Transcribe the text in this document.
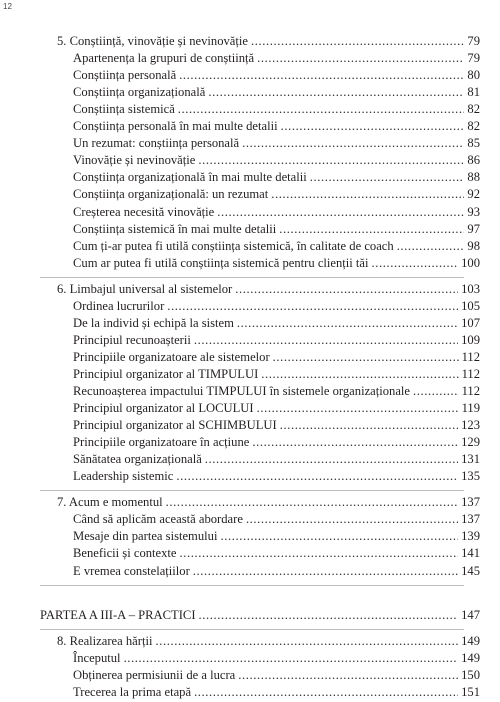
12
5. Conștiință, vinovăție și nevinovăție .....	79
Apartenența la grupuri de conștiință .....	79
Conștiința personală .....	80
Conștiința organizațională .....	81
Conștiința sistemică .....	82
Conștiința personală în mai multe detalii .....	82
Un rezumat: conștiința personală .....	85
Vinovăție și nevinovăție .....	86
Conștiința organizațională în mai multe detalii .....	88
Conștiința organizațională: un rezumat .....	92
Creșterea necesită vinovăție .....	93
Conștiința sistemică în mai multe detalii .....	97
Cum ți-ar putea fi utilă conștiința sistemică, în calitate de coach .....	98
Cum ar putea fi utilă conștiința sistemică pentru clienții tăi .....	100
6. Limbajul universal al sistemelor .....	103
Ordinea lucrurilor .....	105
De la individ și echipă la sistem .....	107
Principiul recunoașterii .....	109
Principiile organizatoare ale sistemelor .....	112
Principiul organizator al TIMPULUI .....	112
Recunoașterea impactului TIMPULUI în sistemele organizaționale .....	112
Principiul organizator al LOCULUI .....	119
Principiul organizator al SCHIMBULUI .....	123
Principiile organizatoare în acțiune .....	129
Sănătatea organizațională .....	131
Leadership sistemic .....	135
7. Acum e momentul .....	137
Când să aplicăm această abordare .....	137
Mesaje din partea sistemului .....	139
Beneficii și contexte .....	141
E vremea constelațiilor .....	145
PARTEA A III-A – PRACTICI .....	147
8. Realizarea hărții .....	149
Începutul .....	149
Obținerea permisiunii de a lucra .....	150
Trecerea la prima etapă .....	151
